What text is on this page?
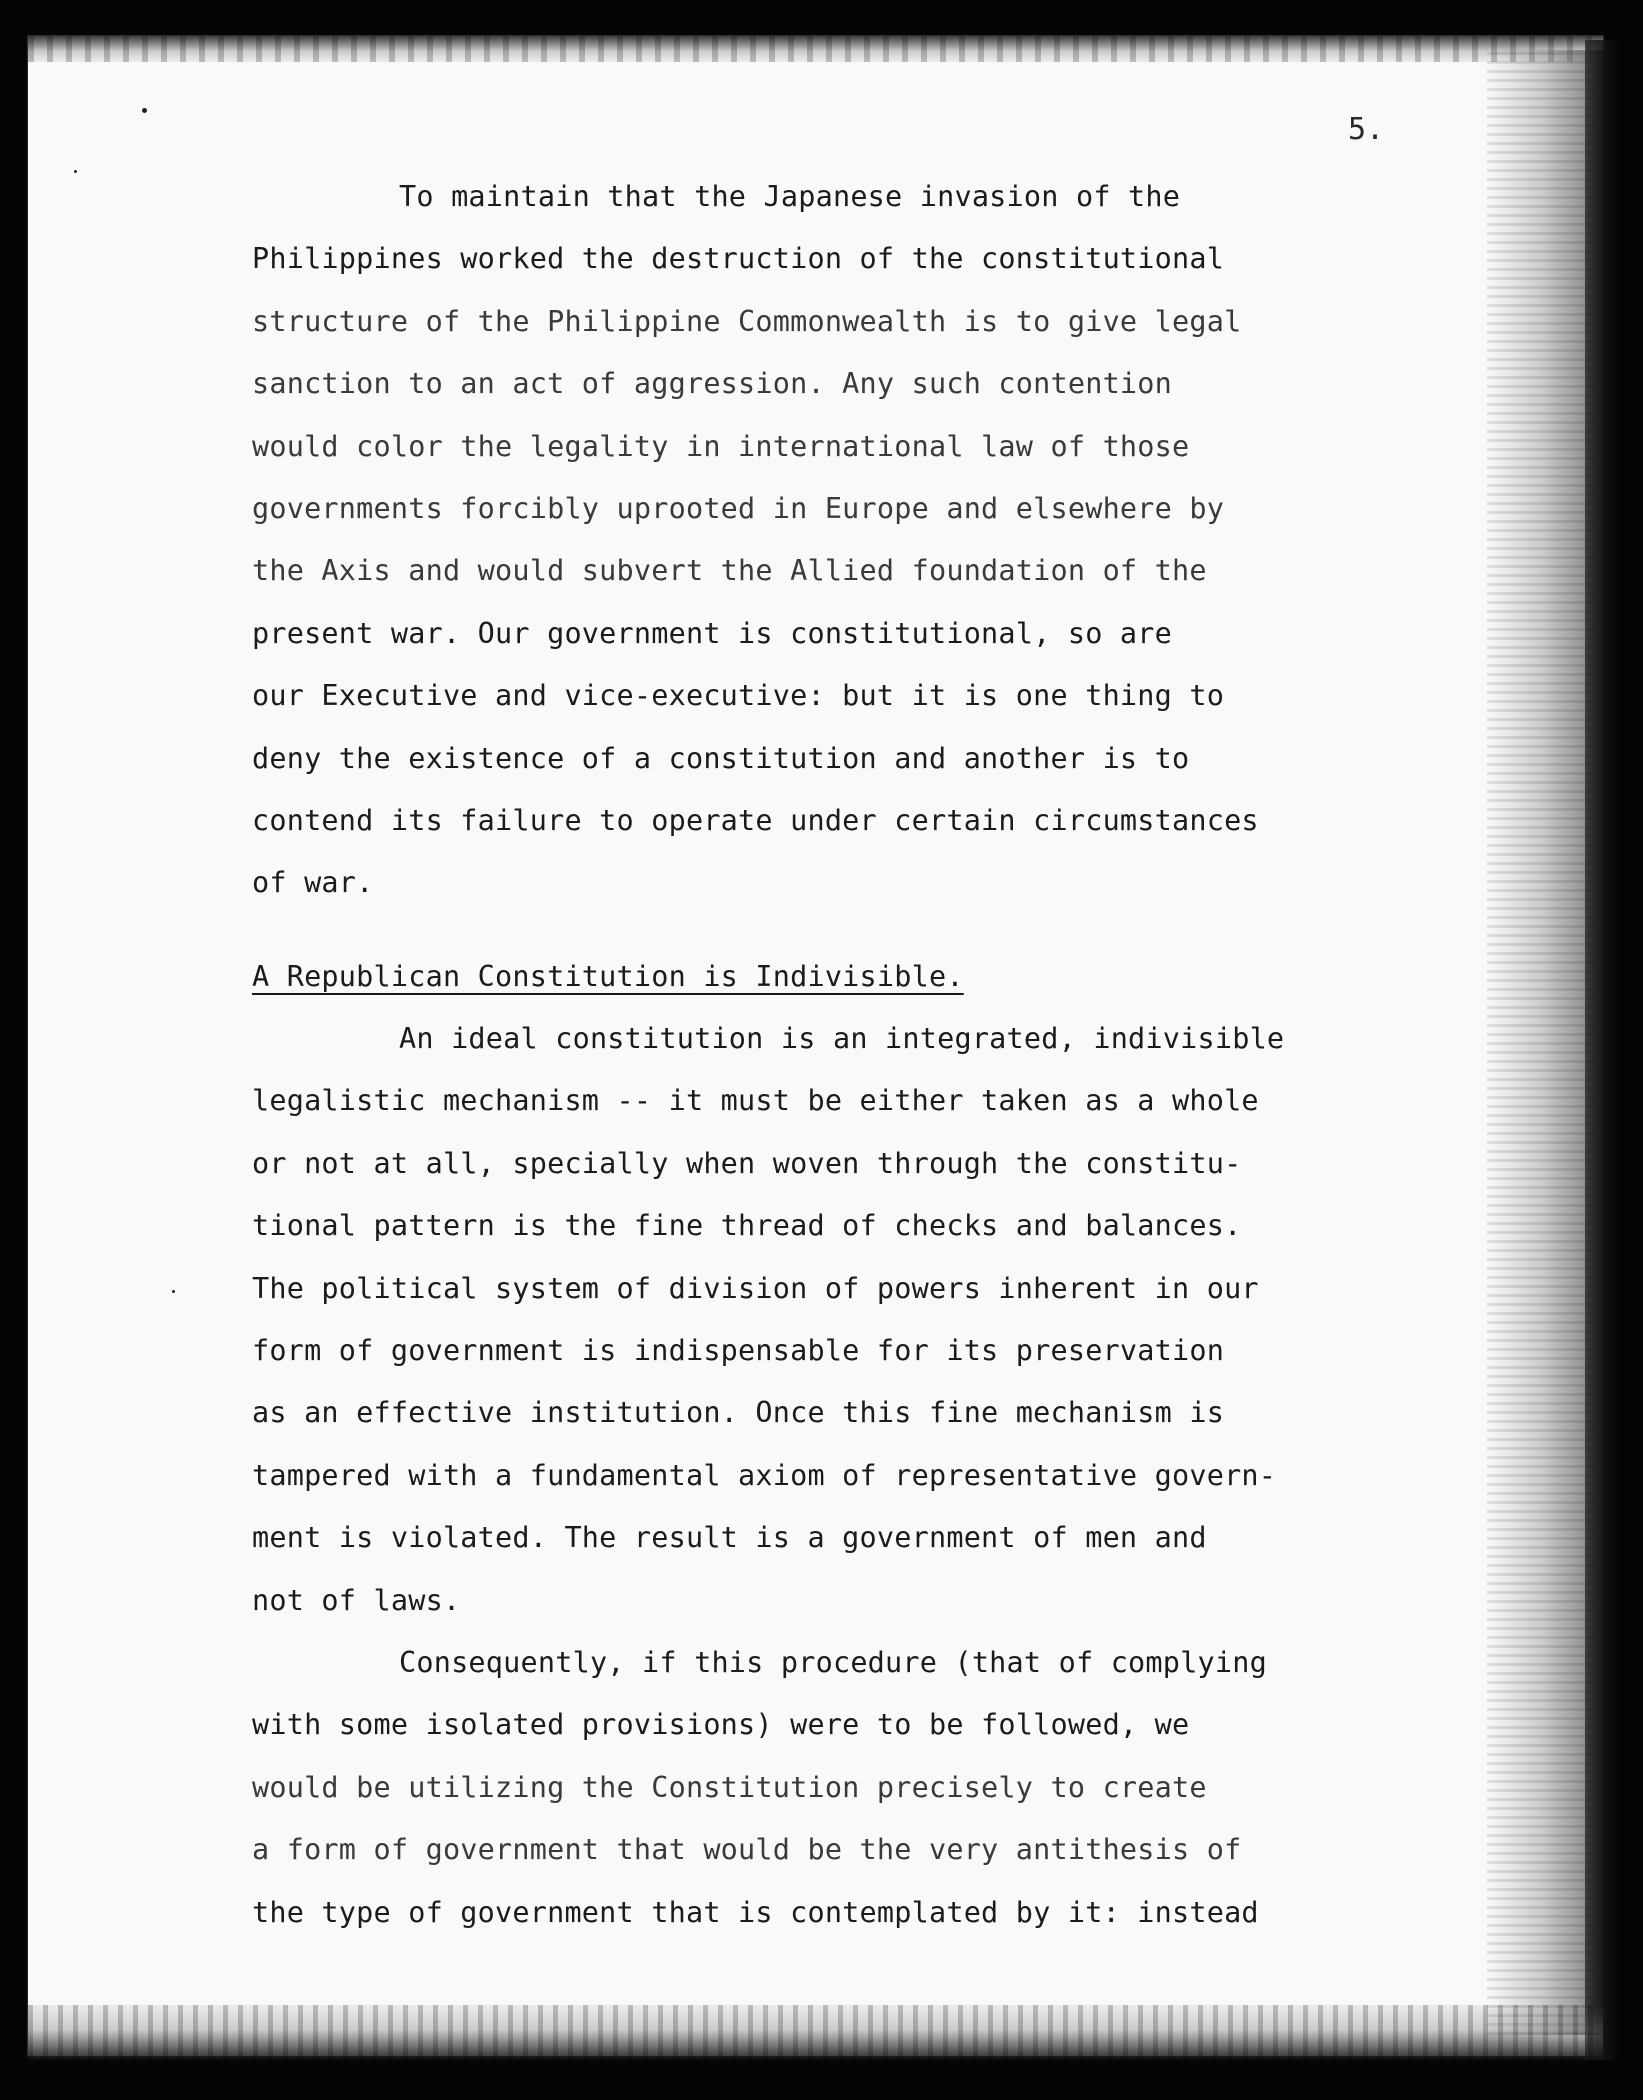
5.
To maintain that the Japanese invasion of the
Philippines worked the destruction of the constitutional
structure of the Philippine Commonwealth is to give legal
sanction to an act of aggression. Any such contention
would color the legality in international law of those
governments forcibly uprooted in Europe and elsewhere by
the Axis and would subvert the Allied foundation of the
present war. Our government is constitutional, so are
our Executive and vice-executive: but it is one thing to
deny the existence of a constitution and another is to
contend its failure to operate under certain circumstances
of war.
A Republican Constitution is Indivisible.
An ideal constitution is an integrated, indivisible
legalistic mechanism -- it must be either taken as a whole
or not at all, specially when woven through the constitu-
tional pattern is the fine thread of checks and balances.
The political system of division of powers inherent in our
form of government is indispensable for its preservation
as an effective institution. Once this fine mechanism is
tampered with a fundamental axiom of representative govern-
ment is violated. The result is a government of men and
not of laws.
Consequently, if this procedure (that of complying
with some isolated provisions) were to be followed, we
would be utilizing the Constitution precisely to create
a form of government that would be the very antithesis of
the type of government that is contemplated by it: instead
